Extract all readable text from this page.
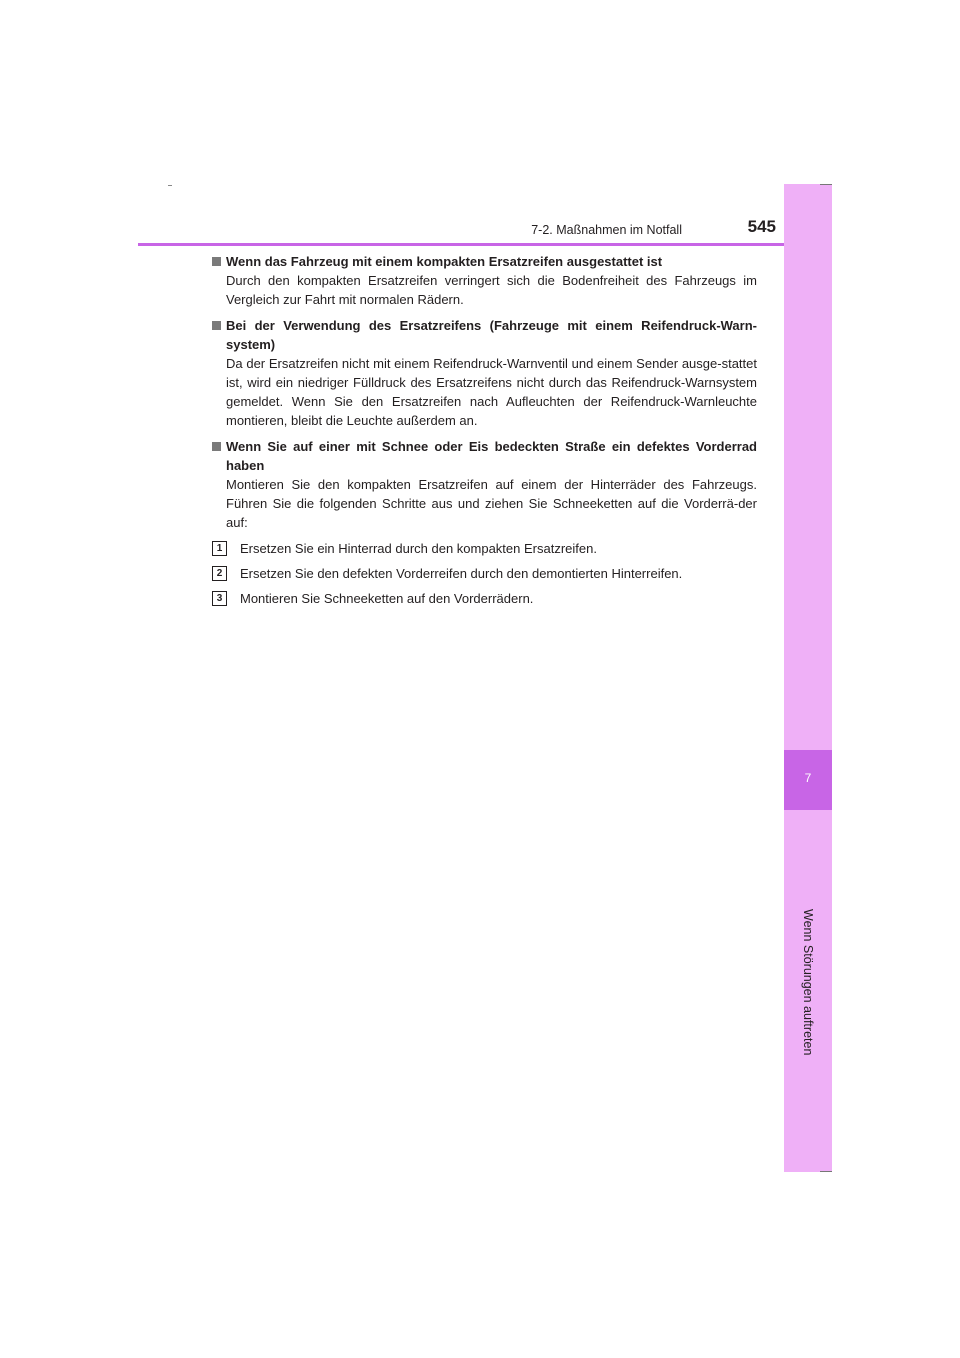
7-2. Maßnahmen im Notfall	545
7
Wenn Störungen auftreten
Wenn das Fahrzeug mit einem kompakten Ersatzreifen ausgestattet ist
Durch den kompakten Ersatzreifen verringert sich die Bodenfreiheit des Fahrzeugs im Vergleich zur Fahrt mit normalen Rädern.
Bei der Verwendung des Ersatzreifens (Fahrzeuge mit einem Reifendruck-Warn-system)
Da der Ersatzreifen nicht mit einem Reifendruck-Warnventil und einem Sender ausge-stattet ist, wird ein niedriger Fülldruck des Ersatzreifens nicht durch das Reifendruck-Warnsystem gemeldet. Wenn Sie den Ersatzreifen nach Aufleuchten der Reifendruck-Warnleuchte montieren, bleibt die Leuchte außerdem an.
Wenn Sie auf einer mit Schnee oder Eis bedeckten Straße ein defektes Vorderrad haben
Montieren Sie den kompakten Ersatzreifen auf einem der Hinterräder des Fahrzeugs. Führen Sie die folgenden Schritte aus und ziehen Sie Schneeketten auf die Vorderrä-der auf:
1	Ersetzen Sie ein Hinterrad durch den kompakten Ersatzreifen.
2	Ersetzen Sie den defekten Vorderreifen durch den demontierten Hinterreifen.
3	Montieren Sie Schneeketten auf den Vorderrädern.
